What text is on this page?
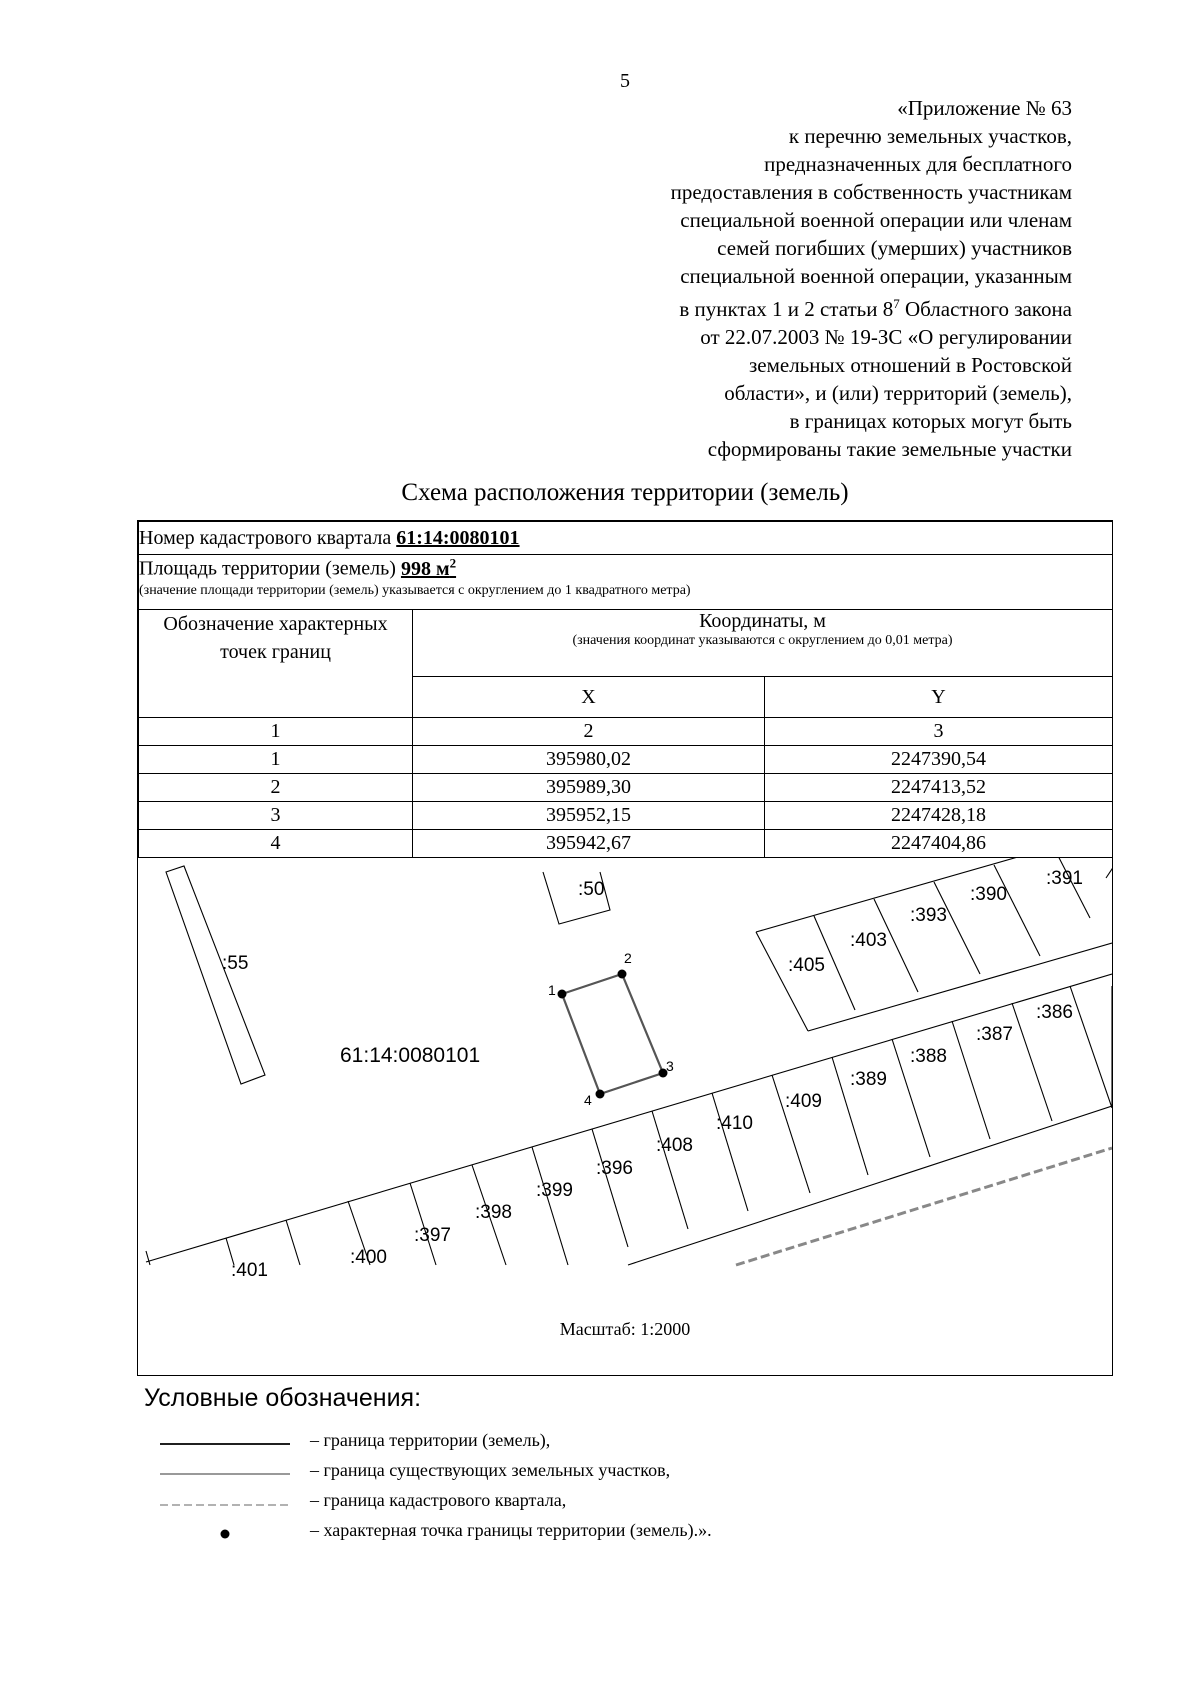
5
«Приложение № 63
к перечню земельных участков,
предназначенных для бесплатного
предоставления в собственность участникам
специальной военной операции или членам
семей погибших (умерших) участников
специальной военной операции, указанным
в пунктах 1 и 2 статьи $8^7$ Областного закона
от 22.07.2003 № 19-ЗС «О регулировании
земельных отношений в Ростовской
области», и (или) территорий (земель),
в границах которых могут быть
сформированы такие земельные участки
Схема расположения территории (земель)
Номер кадастрового квартала 61:14:0080101		
Площадь территории (земель) 998 $м^2$
(значение площади территории (земель) указывается с округлением до 1 квадратного метра)		

Обозначение характерных точек границ	Координаты, м
(значения координат указываются с округлением до 0,01 метра)	

	X	Y
1	2	3
1	395980,02	2247390,54
2	395989,30	2247413,52
3	395952,15	2247428,18
4	395942,67	2247404,86
1
2
3
4
61:14:0080101
:55
:50
:405
:403
:393
:390
:391
:386
:387
:388
:389
:409
:410
:408
:396
:399
:398
:397
:400
:401
Масштаб: 1:2000
Условные обозначения:
– граница территории (земель),
– граница существующих земельных участков,
– граница кадастрового квартала,
– характерная точка границы территории (земель).».
